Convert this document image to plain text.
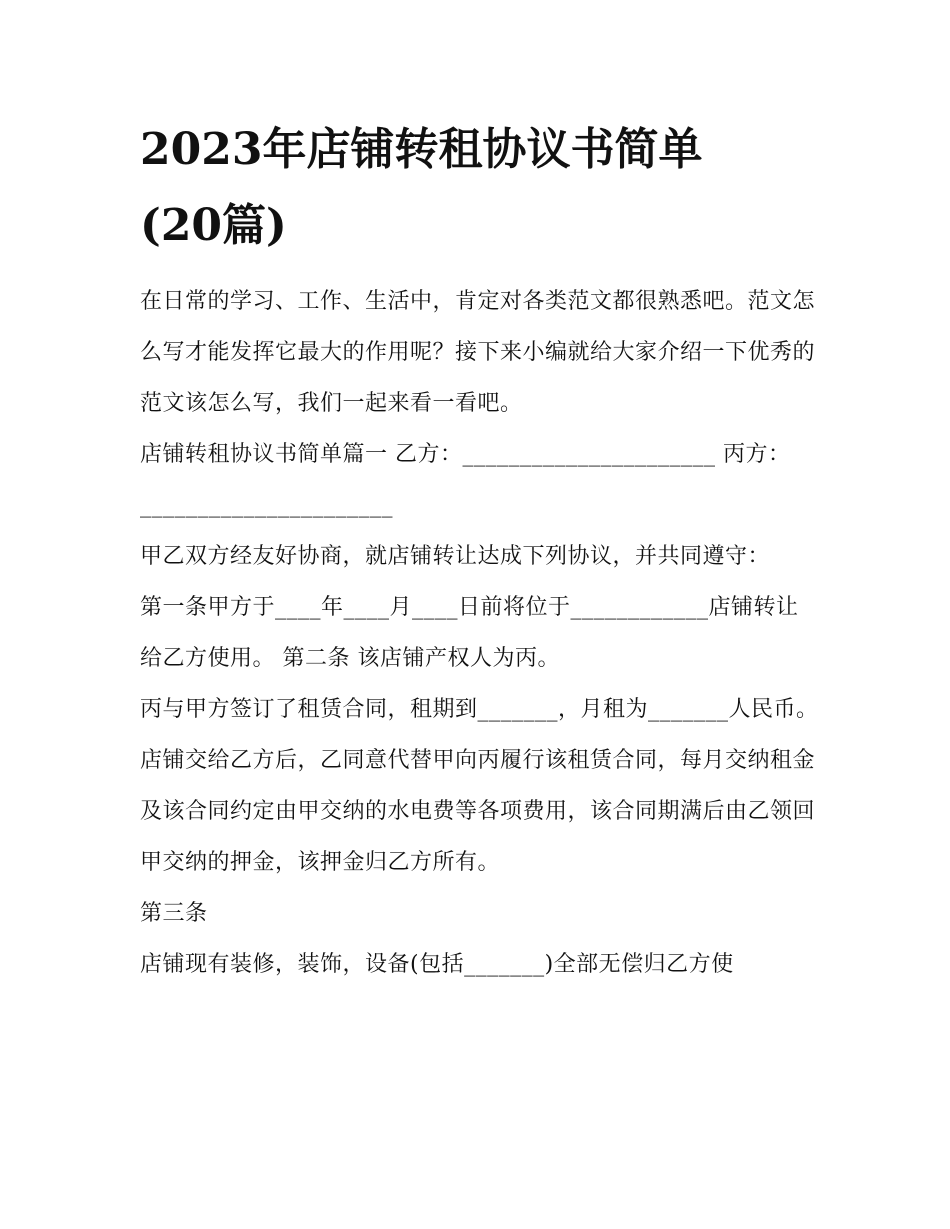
2023年店铺转租协议书简单
(20篇)

在日常的学习、工作、生活中，肯定对各类范文都很熟悉吧。范文怎么写才能发挥它最大的作用呢？接下来小编就给大家介绍一下优秀的范文该怎么写，我们一起来看一看吧。

店铺转租协议书简单篇一 乙方：______________________ 丙方：______________________

甲乙双方经友好协商，就店铺转让达成下列协议，并共同遵守：

第一条甲方于____年____月____日前将位于____________店铺转让给乙方使用。 第二条 该店铺产权人为丙。

丙与甲方签订了租赁合同，租期到_______，月租为_______人民币。

店铺交给乙方后，乙同意代替甲向丙履行该租赁合同，每月交纳租金及该合同约定由甲交纳的水电费等各项费用，该合同期满后由乙领回甲交纳的押金，该押金归乙方所有。

第三条

店铺现有装修，装饰，设备(包括_______)全部无偿归乙方使
